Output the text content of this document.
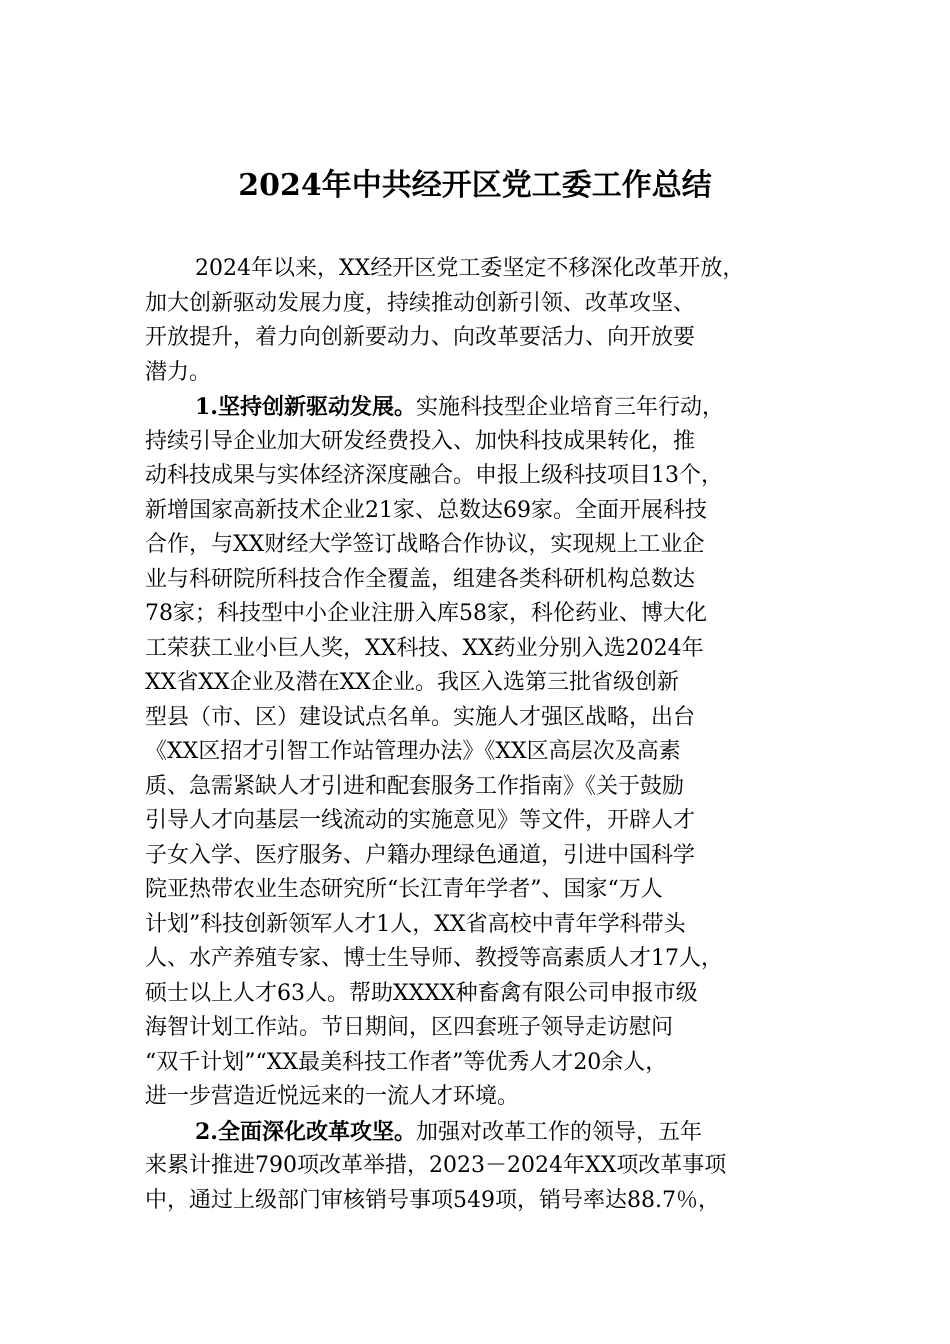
2024年中共经开区党工委工作总结
2024年以来，XX经开区党工委坚定不移深化改革开放，
加大创新驱动发展力度，持续推动创新引领、改革攻坚、
开放提升，着力向创新要动力、向改革要活力、向开放要
潜力。
1.坚持创新驱动发展。实施科技型企业培育三年行动，
持续引导企业加大研发经费投入、加快科技成果转化，推
动科技成果与实体经济深度融合。申报上级科技项目13个，
新增国家高新技术企业21家、总数达69家。全面开展科技
合作，与XX财经大学签订战略合作协议，实现规上工业企
业与科研院所科技合作全覆盖，组建各类科研机构总数达
78家；科技型中小企业注册入库58家，科伦药业、博大化
工荣获工业小巨人奖，XX科技、XX药业分别入选2024年
XX省XX企业及潜在XX企业。我区入选第三批省级创新
型县（市、区）建设试点名单。实施人才强区战略，出台
《XX区招才引智工作站管理办法》《XX区高层次及高素
质、急需紧缺人才引进和配套服务工作指南》《关于鼓励
引导人才向基层一线流动的实施意见》等文件，开辟人才
子女入学、医疗服务、户籍办理绿色通道，引进中国科学
院亚热带农业生态研究所“长江青年学者”、国家“万人
计划”科技创新领军人才1人，XX省高校中青年学科带头
人、水产养殖专家、博士生导师、教授等高素质人才17人，
硕士以上人才63人。帮助XXXX种畜禽有限公司申报市级
海智计划工作站。节日期间，区四套班子领导走访慰问
“双千计划”“XX最美科技工作者”等优秀人才20余人，
进一步营造近悦远来的一流人才环境。
2.全面深化改革攻坚。加强对改革工作的领导，五年
来累计推进790项改革举措，2023－2024年XX项改革事项
中，通过上级部门审核销号事项549项，销号率达88.7％，
